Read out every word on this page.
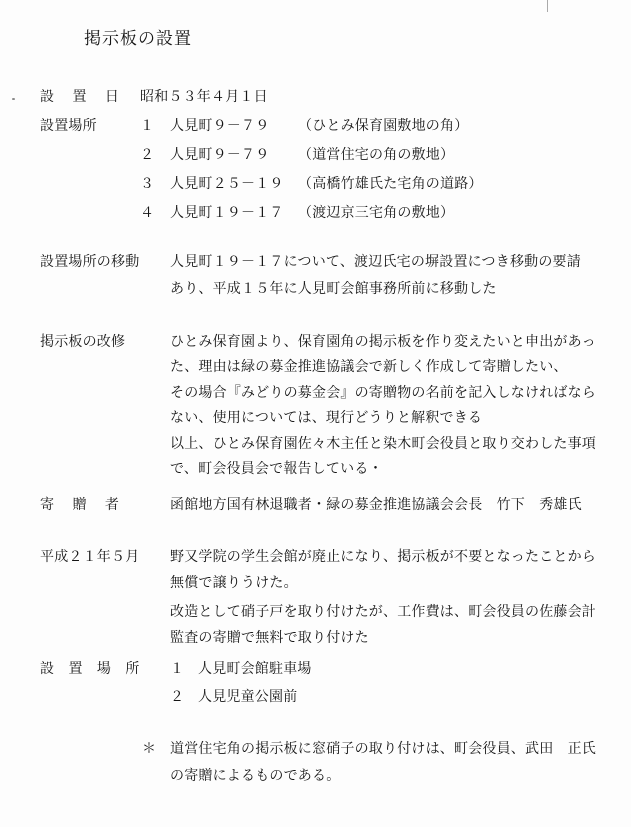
掲示板の設置
設 置 日 昭和５３年４月１日
設置場所	１ 人見町９－７９ （ひとみ保育園敷地の角）
２ 人見町９－７９ （道営住宅の角の敷地）
３ 人見町２５－１９ （高橋竹雄氏た宅角の道路）
４ 人見町１９－１７ （渡辺京三宅角の敷地）
設置場所の移動 人見町１９－１７について、渡辺氏宅の塀設置につき移動の要請
あり、平成１５年に人見町会館事務所前に移動した
掲示板の改修	ひとみ保育園より、保育園角の掲示板を作り変えたいと申出があっ
た、理由は緑の募金推進協議会で新しく作成して寄贈したい、
その場合『みどりの募金会』の寄贈物の名前を記入しなければなら
ない、使用については、現行どうりと解釈できる
以上、ひとみ保育園佐々木主任と染木町会役員と取り交わした事項
で、町会役員会で報告している・
寄 贈 者	函館地方国有林退職者・緑の募金推進協議会会長　竹下　秀雄氏
平成２１年５月 野又学院の学生会館が廃止になり、掲示板が不要となったことから
無償で譲りうけた。
改造として硝子戸を取り付けたが、工作費は、町会役員の佐藤会計
監査の寄贈で無料で取り付けた
設 置 場 所 １ 人見町会館駐車場
２ 人見児童公園前
＊ 道営住宅角の掲示板に窓硝子の取り付けは、町会役員、武田　正氏
の寄贈によるものである。
